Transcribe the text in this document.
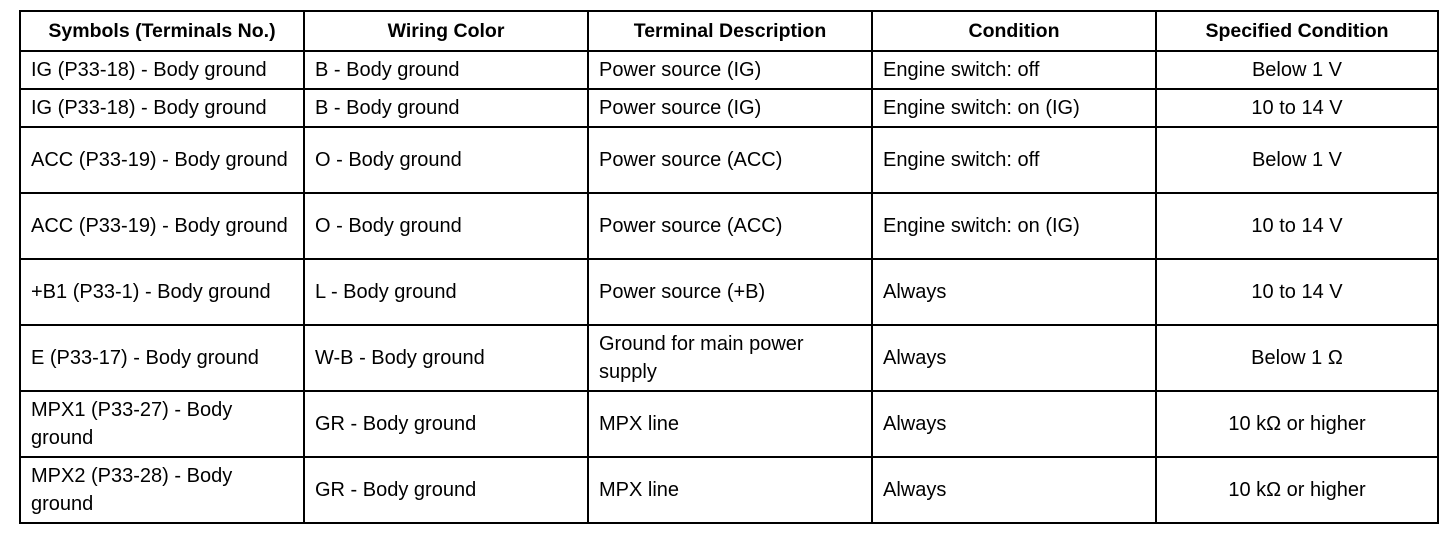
Symbols (Terminals No.)	Wiring Color	Terminal Description	Condition	Specified Condition
IG (P33-18) - Body ground	B - Body ground	Power source (IG)	Engine switch: off	Below 1 V
IG (P33-18) - Body ground	B - Body ground	Power source (IG)	Engine switch: on (IG)	10 to 14 V
ACC (P33-19) - Body ground	O - Body ground	Power source (ACC)	Engine switch: off	Below 1 V
ACC (P33-19) - Body ground	O - Body ground	Power source (ACC)	Engine switch: on (IG)	10 to 14 V
+B1 (P33-1) - Body ground	L - Body ground	Power source (+B)	Always	10 to 14 V
E (P33-17) - Body ground	W-B - Body ground	Ground for main power supply	Always	Below 1 Ω
MPX1 (P33-27) - Body ground	GR - Body ground	MPX line	Always	10 kΩ or higher
MPX2 (P33-28) - Body ground	GR - Body ground	MPX line	Always	10 kΩ or higher
